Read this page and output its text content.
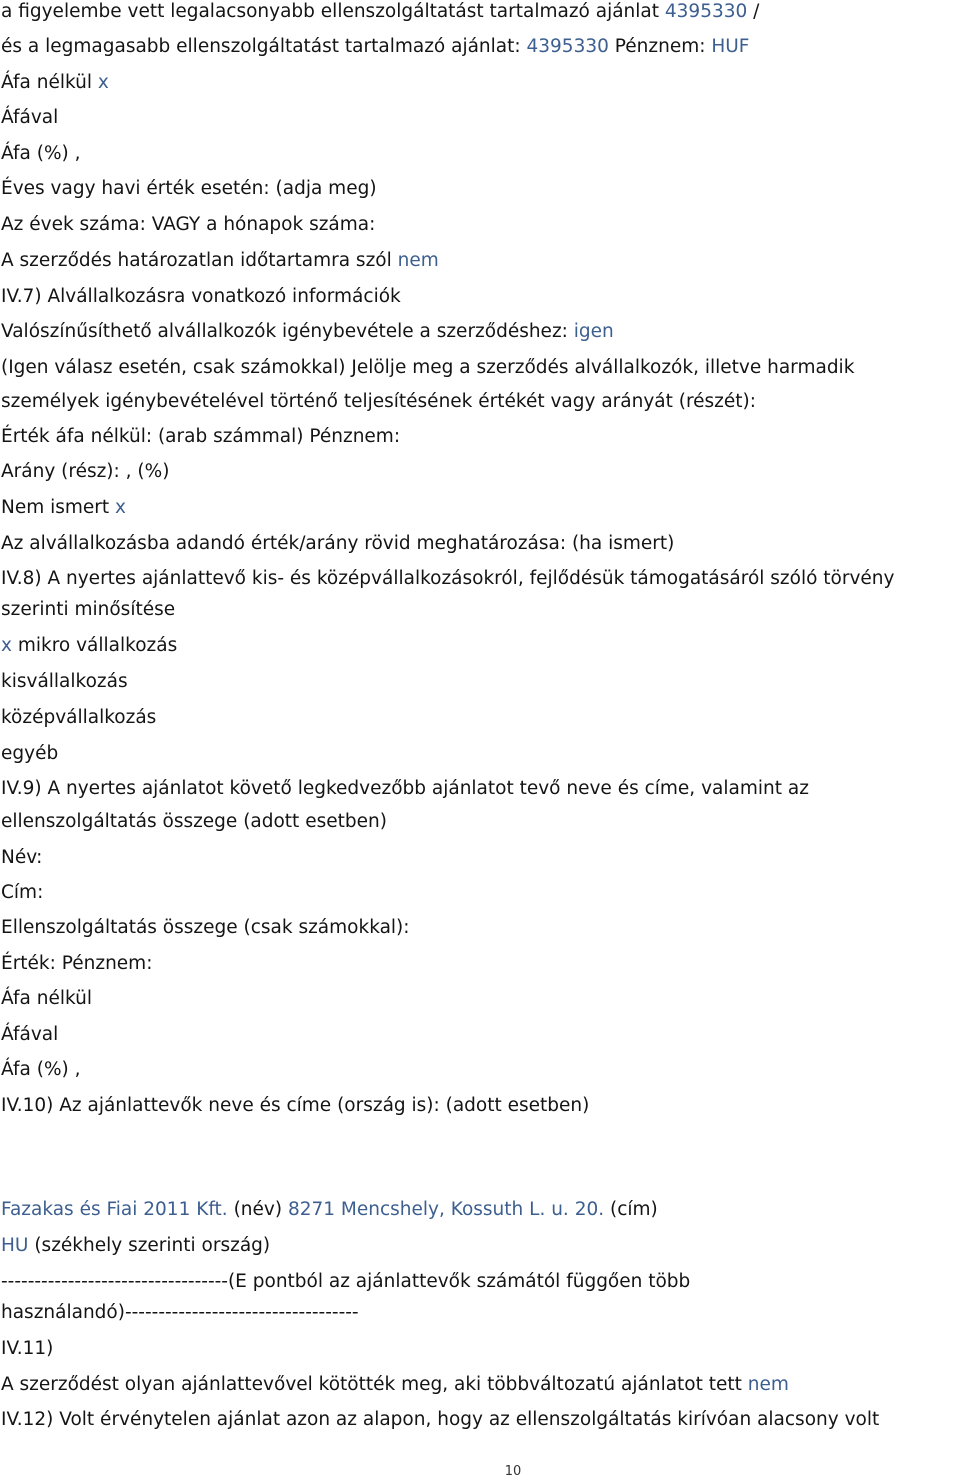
a figyelembe vett legalacsonyabb ellenszolgáltatást tartalmazó ajánlat 4395330 /
és a legmagasabb ellenszolgáltatást tartalmazó ajánlat: 4395330 Pénznem: HUF
Áfa nélkül x
Áfával
Áfa (%) ,
Éves vagy havi érték esetén: (adja meg)
Az évek száma: VAGY a hónapok száma:
A szerződés határozatlan időtartamra szól nem
IV.7) Alvállalkozásra vonatkozó információk
Valószínűsíthető alvállalkozók igénybevétele a szerződéshez: igen
(Igen válasz esetén, csak számokkal) Jelölje meg a szerződés alvállalkozók, illetve harmadik
személyek igénybevételével történő teljesítésének értékét vagy arányát (részét):
Érték áfa nélkül: (arab számmal) Pénznem:
Arány (rész): , (%)
Nem ismert x
Az alvállalkozásba adandó érték/arány rövid meghatározása: (ha ismert)
IV.8) A nyertes ajánlattevő kis- és középvállalkozásokról, fejlődésük támogatásáról szóló törvény
szerinti minősítése
x mikro vállalkozás
kisvállalkozás
középvállalkozás
egyéb
IV.9) A nyertes ajánlatot követő legkedvezőbb ajánlatot tevő neve és címe, valamint az
ellenszolgáltatás összege (adott esetben)
Név:
Cím:
Ellenszolgáltatás összege (csak számokkal):
Érték: Pénznem:
Áfa nélkül
Áfával
Áfa (%) ,
IV.10) Az ajánlattevők neve és címe (ország is): (adott esetben)
Fazakas és Fiai 2011 Kft. (név) 8271 Mencshely, Kossuth L. u. 20. (cím)
HU (székhely szerinti ország)
----------------------------------(E pontból az ajánlattevők számától függően több
használandó)-----------------------------------
IV.11)
A szerződést olyan ajánlattevővel kötötték meg, aki többváltozatú ajánlatot tett nem
IV.12) Volt érvénytelen ajánlat azon az alapon, hogy az ellenszolgáltatás kirívóan alacsony volt
10
